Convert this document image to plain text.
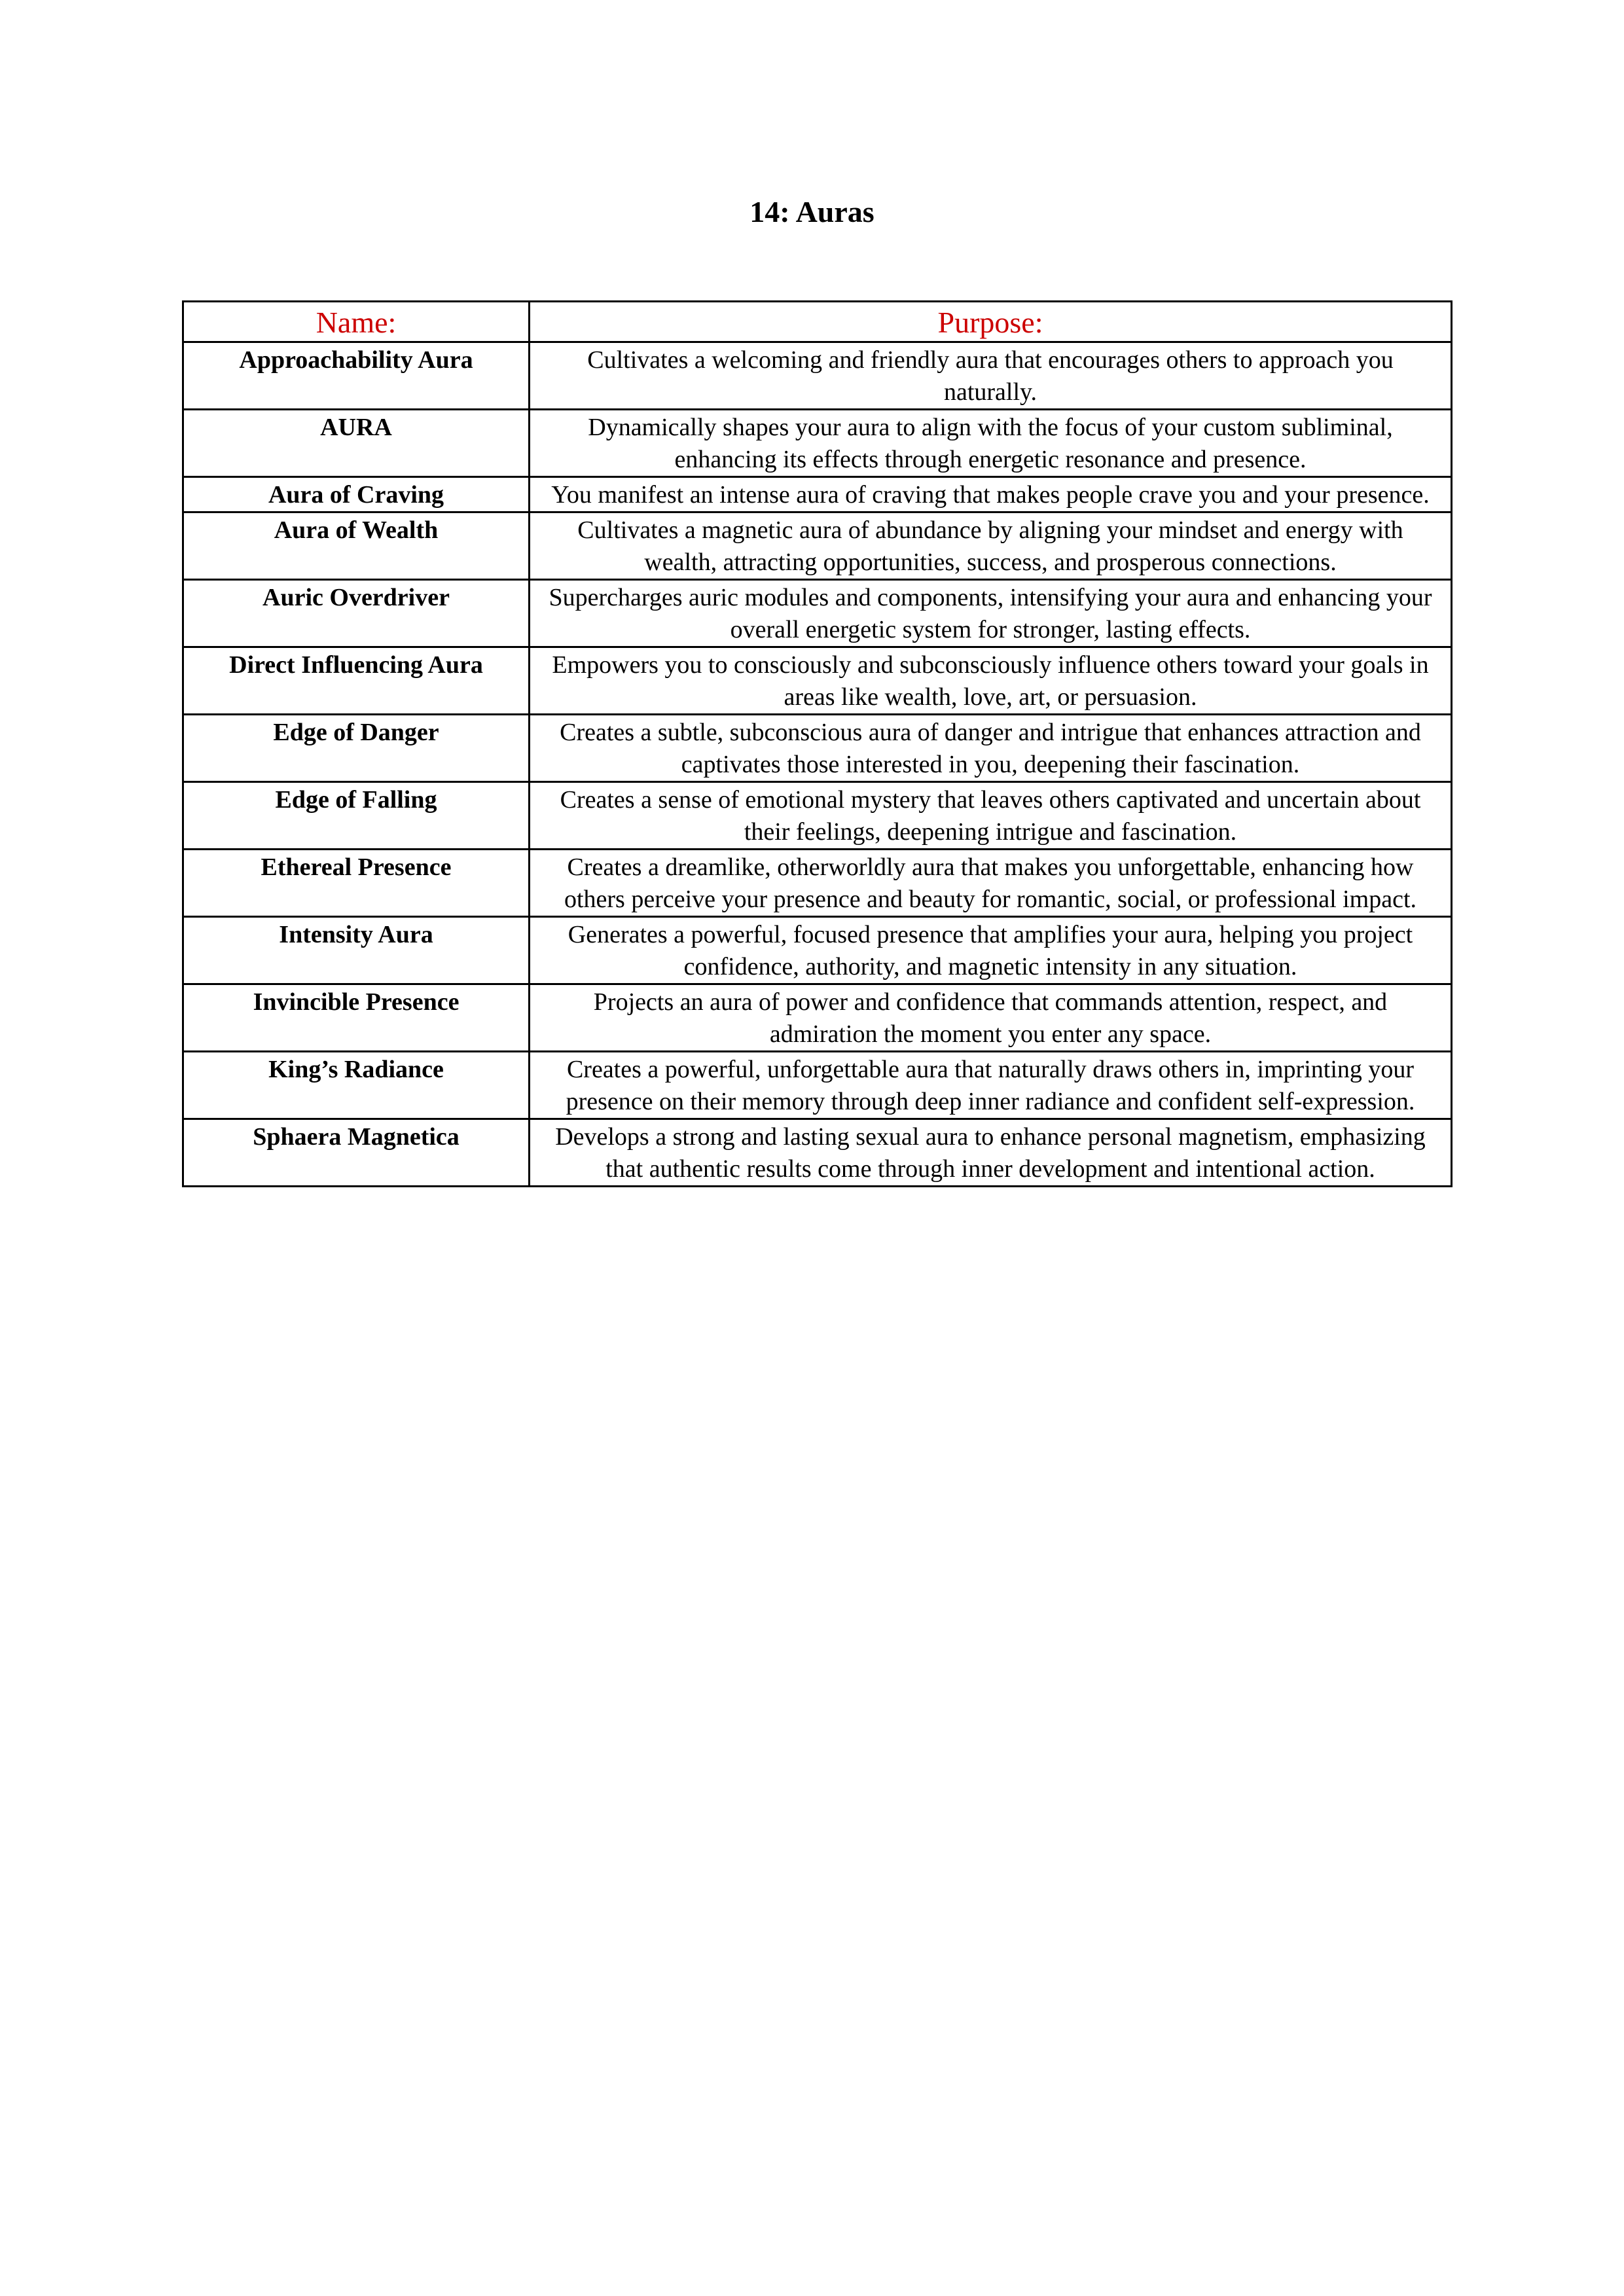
14: Auras
Name:	Purpose:
Approachability Aura	Cultivates a welcoming and friendly aura that encourages others to approach you naturally.
AURA	Dynamically shapes your aura to align with the focus of your custom subliminal, enhancing its effects through energetic resonance and presence.
Aura of Craving	You manifest an intense aura of craving that makes people crave you and your presence.
Aura of Wealth	Cultivates a magnetic aura of abundance by aligning your mindset and energy with wealth, attracting opportunities, success, and prosperous connections.
Auric Overdriver	Supercharges auric modules and components, intensifying your aura and enhancing your overall energetic system for stronger, lasting effects.
Direct Influencing Aura	Empowers you to consciously and subconsciously influence others toward your goals in areas like wealth, love, art, or persuasion.
Edge of Danger	Creates a subtle, subconscious aura of danger and intrigue that enhances attraction and captivates those interested in you, deepening their fascination.
Edge of Falling	Creates a sense of emotional mystery that leaves others captivated and uncertain about their feelings, deepening intrigue and fascination.
Ethereal Presence	Creates a dreamlike, otherworldly aura that makes you unforgettable, enhancing how others perceive your presence and beauty for romantic, social, or professional impact.
Intensity Aura	Generates a powerful, focused presence that amplifies your aura, helping you project confidence, authority, and magnetic intensity in any situation.
Invincible Presence	Projects an aura of power and confidence that commands attention, respect, and admiration the moment you enter any space.
King’s Radiance	Creates a powerful, unforgettable aura that naturally draws others in, imprinting your presence on their memory through deep inner radiance and confident self-expression.
Sphaera Magnetica	Develops a strong and lasting sexual aura to enhance personal magnetism, emphasizing that authentic results come through inner development and intentional action.
